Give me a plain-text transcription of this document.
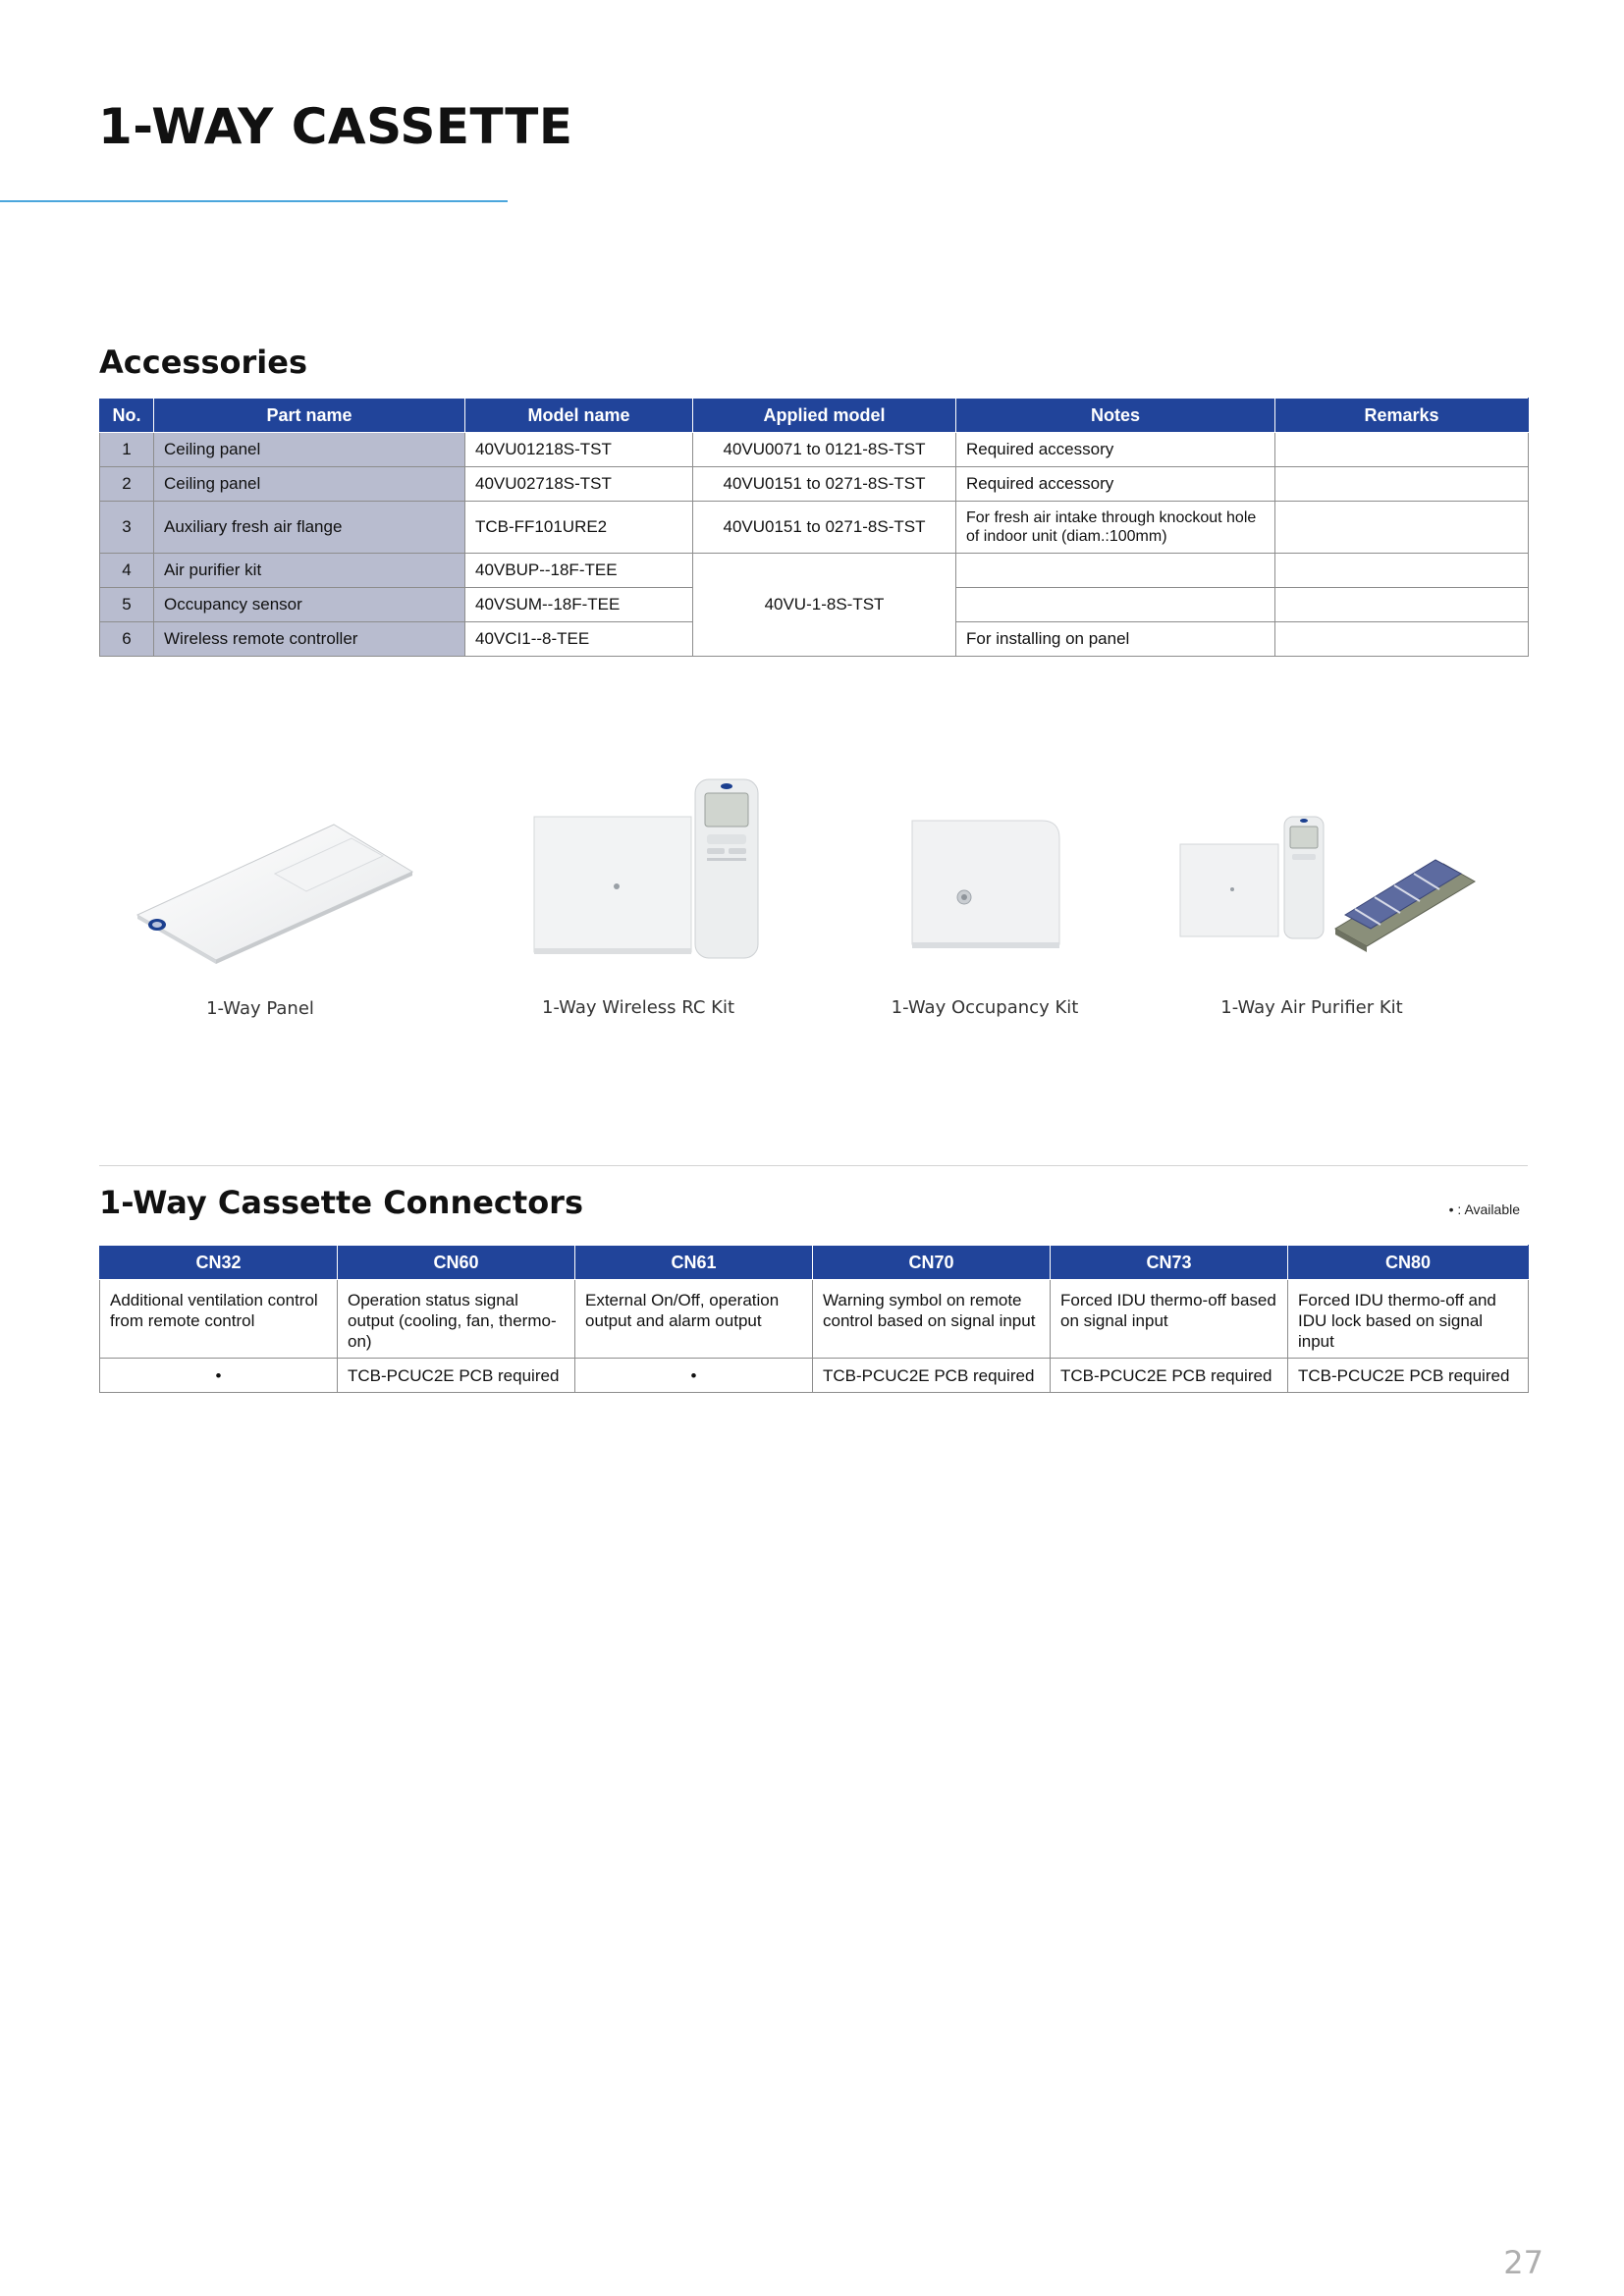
1-WAY CASSETTE
Accessories
No.	Part name	Model name	Applied model	Notes	Remarks
1	Ceiling panel	40VU01218S-TST	40VU0071 to 0121-8S-TST	Required accessory	
2	Ceiling panel	40VU02718S-TST	40VU0151 to 0271-8S-TST	Required accessory	
3	Auxiliary fresh air flange	TCB-FF101URE2	40VU0151 to 0271-8S-TST	For fresh air intake through knockout hole of indoor unit (diam.:100mm)	
4	Air purifier kit	40VBUP--18F-TEE	40VU-1-8S-TST		
5	Occupancy sensor	40VSUM--18F-TEE			
6	Wireless remote controller	40VCI1--8-TEE		For installing on panel	
1-Way Panel	1-Way Wireless RC Kit	1-Way Occupancy Kit	1-Way Air Purifier Kit
1-Way Cassette Connectors	• : Available
CN32	CN60	CN61	CN70	CN73	CN80
Additional ventilation control from remote control	Operation status signal output (cooling, fan, thermo-on)	External On/Off, operation output and alarm output	Warning symbol on remote control based on signal input	Forced IDU thermo-off based on signal input	Forced IDU thermo-off and IDU lock based on signal input
•	TCB-PCUC2E PCB required	•	TCB-PCUC2E PCB required	TCB-PCUC2E PCB required	TCB-PCUC2E PCB required
27
